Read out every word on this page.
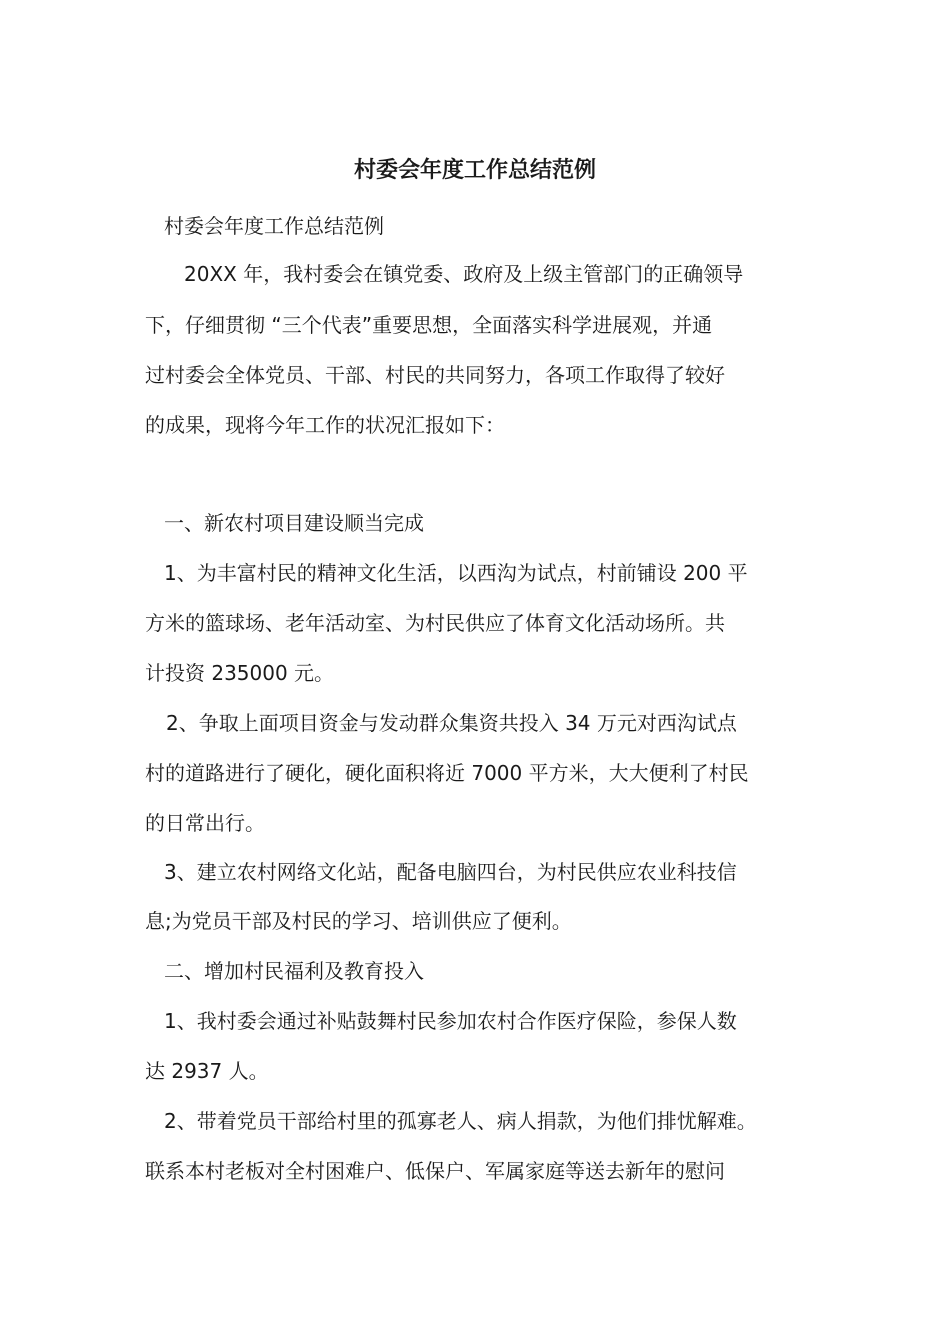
村委会年度工作总结范例

村委会年度工作总结范例

20XX 年，我村委会在镇党委、政府及上级主管部门的正确领导

下，仔细贯彻 “三个代表”重要思想，全面落实科学进展观，并通

过村委会全体党员、干部、村民的共同努力，各项工作取得了较好

的成果，现将今年工作的状况汇报如下：

一、新农村项目建设顺当完成

1、为丰富村民的精神文化生活，以西沟为试点，村前铺设 200 平

方米的篮球场、老年活动室、为村民供应了体育文化活动场所。共

计投资 235000 元。

2、争取上面项目资金与发动群众集资共投入 34 万元对西沟试点

村的道路进行了硬化，硬化面积将近 7000 平方米，大大便利了村民

的日常出行。

3、建立农村网络文化站，配备电脑四台，为村民供应农业科技信

息;为党员干部及村民的学习、培训供应了便利。

二、增加村民福利及教育投入

1、我村委会通过补贴鼓舞村民参加农村合作医疗保险，参保人数

达 2937 人。

2、带着党员干部给村里的孤寡老人、病人捐款，为他们排忧解难。

联系本村老板对全村困难户、低保户、军属家庭等送去新年的慰问
